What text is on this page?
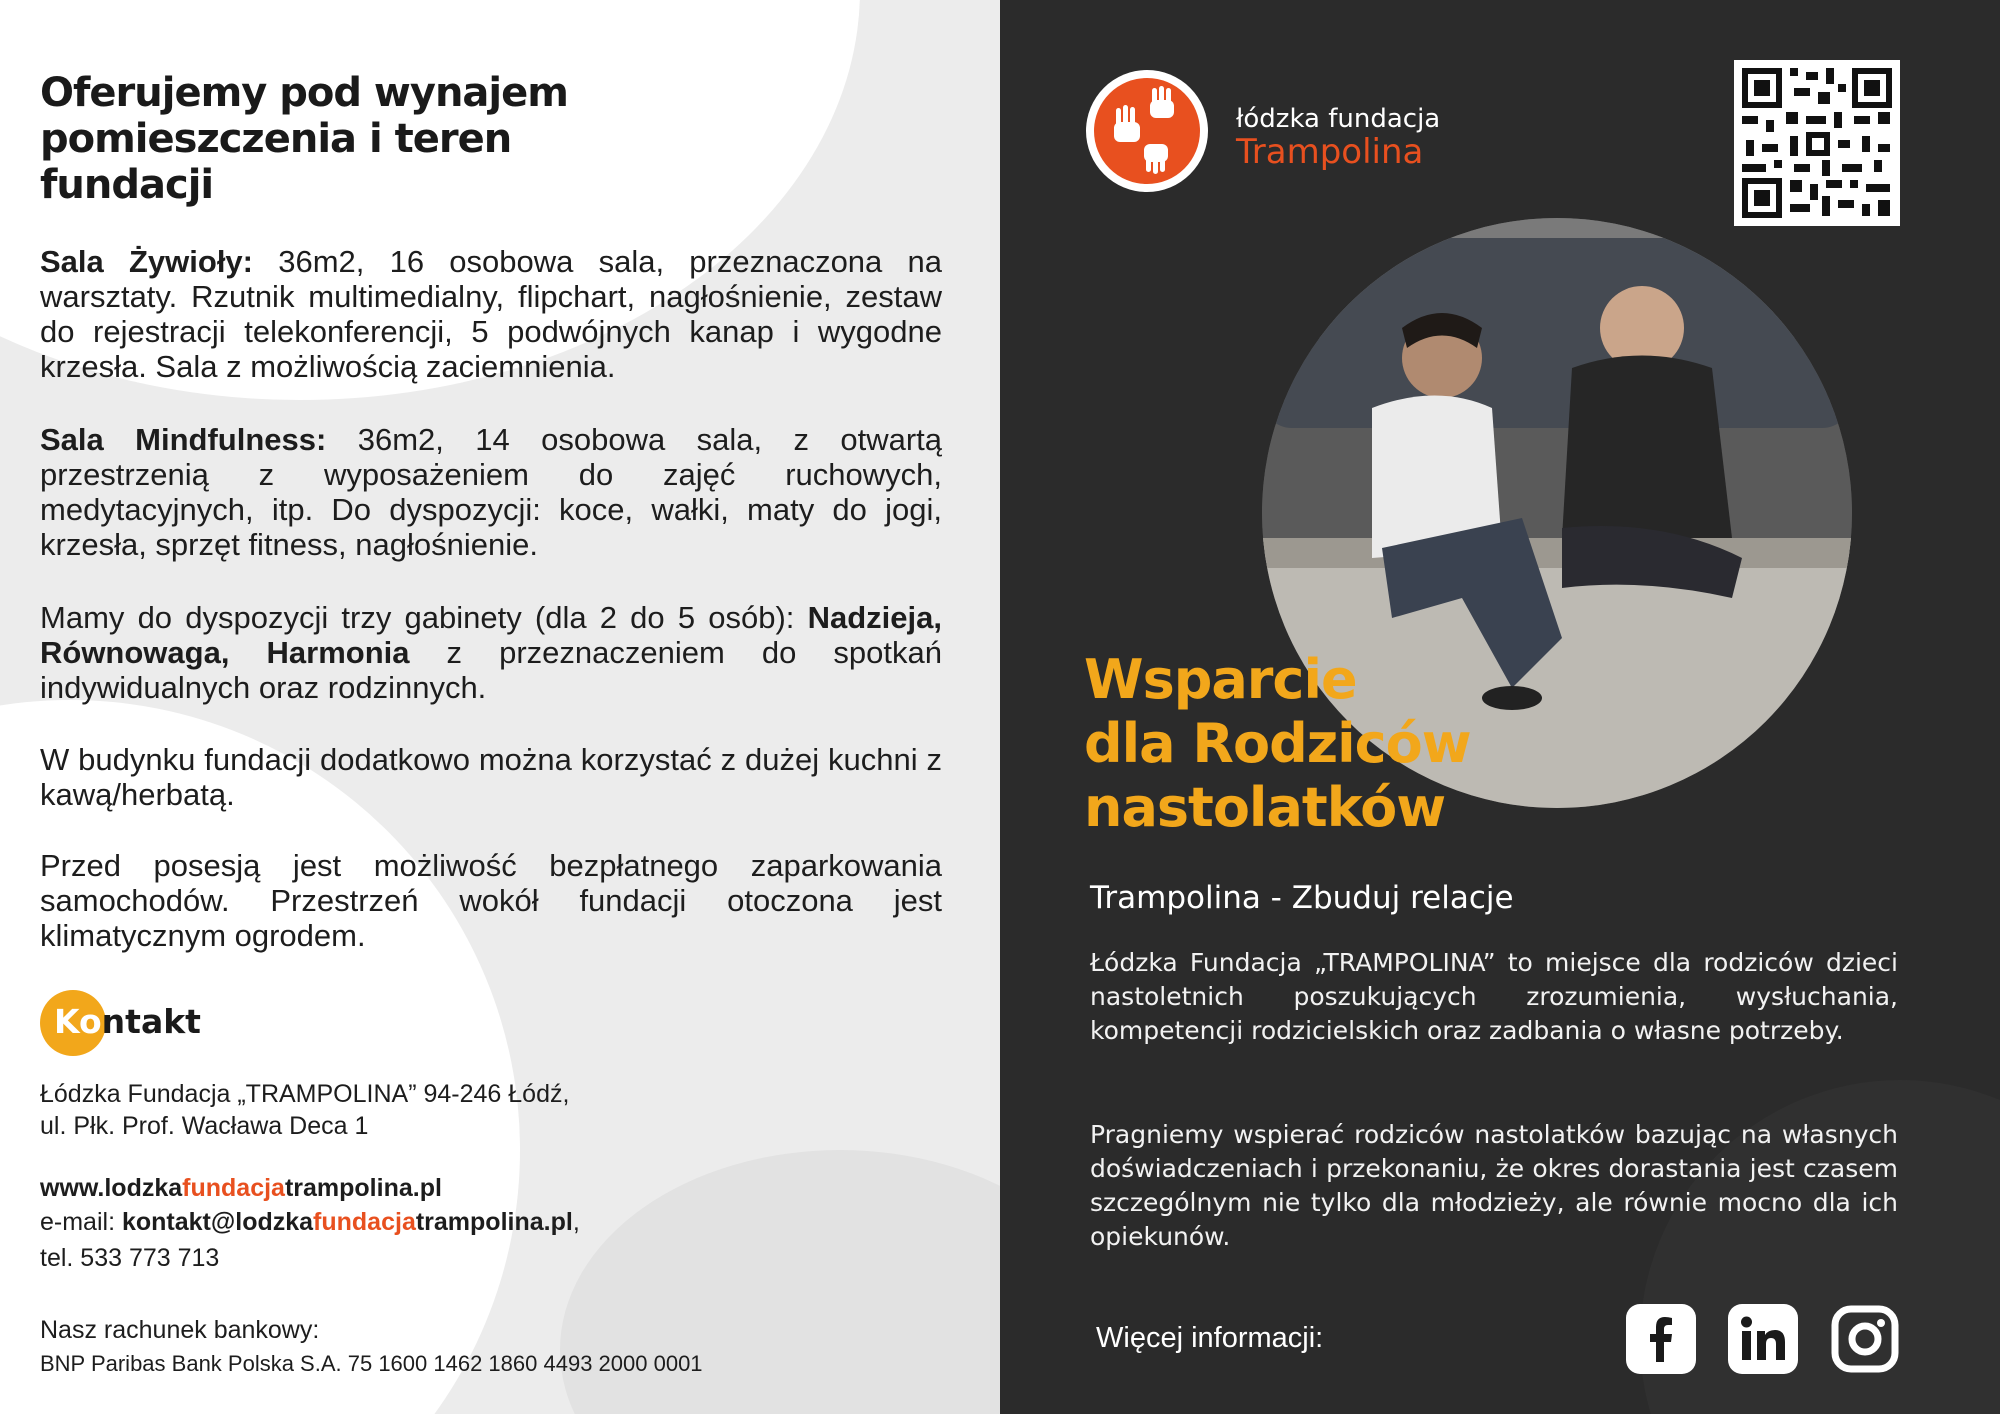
Oferujemy pod wynajem
pomieszczenia i teren
fundacji

Sala Żywioły: 36m2, 16 osobowa sala, przeznaczona na warsztaty. Rzutnik multimedialny, flipchart, nagłośnienie, zestaw do rejestracji telekonferencji, 5 podwójnych kanap i wygodne krzesła. Sala z możliwością zaciemnienia.

Sala Mindfulness: 36m2, 14 osobowa sala, z otwartą przestrzenią z wyposażeniem do zajęć ruchowych, medytacyjnych, itp. Do dyspozycji: koce, wałki, maty do jogi, krzesła, sprzęt fitness, nagłośnienie.

Mamy do dyspozycji trzy gabinety (dla 2 do 5 osób): Nadzieja, Równowaga, Harmonia z przeznaczeniem do spotkań indywidualnych oraz rodzinnych.

W budynku fundacji dodatkowo można korzystać z dużej kuchni z kawą/herbatą.

Przed posesją jest możliwość bezpłatnego zaparkowania samochodów. Przestrzeń wokół fundacji otoczona jest klimatycznym ogrodem.

Kontakt
Łódzka Fundacja „TRAMPOLINA” 94-246 Łódź,
ul. Płk. Prof. Wacława Deca 1
www.lodzkafundacjatrampolina.pl
e-mail: kontakt@lodzkafundacjatrampolina.pl,
tel. 533 773 713
Nasz rachunek bankowy:
BNP Paribas Bank Polska S.A. 75 1600 1462 1860 4493 2000 0001
łódzka fundacja
Trampolina
Wsparcie
dla Rodziców
nastolatków
Trampolina - Zbuduj relacje

Łódzka Fundacja „TRAMPOLINA” to miejsce dla rodziców dzieci nastoletnich poszukujących zrozumienia, wysłuchania, kompetencji rodzicielskich oraz zadbania o własne potrzeby.

Pragniemy wspierać rodziców nastolatków bazując na własnych doświadczeniach i przekonaniu, że okres dorastania jest czasem szczególnym nie tylko dla młodzieży, ale równie mocno dla ich opiekunów.

Więcej informacji:
